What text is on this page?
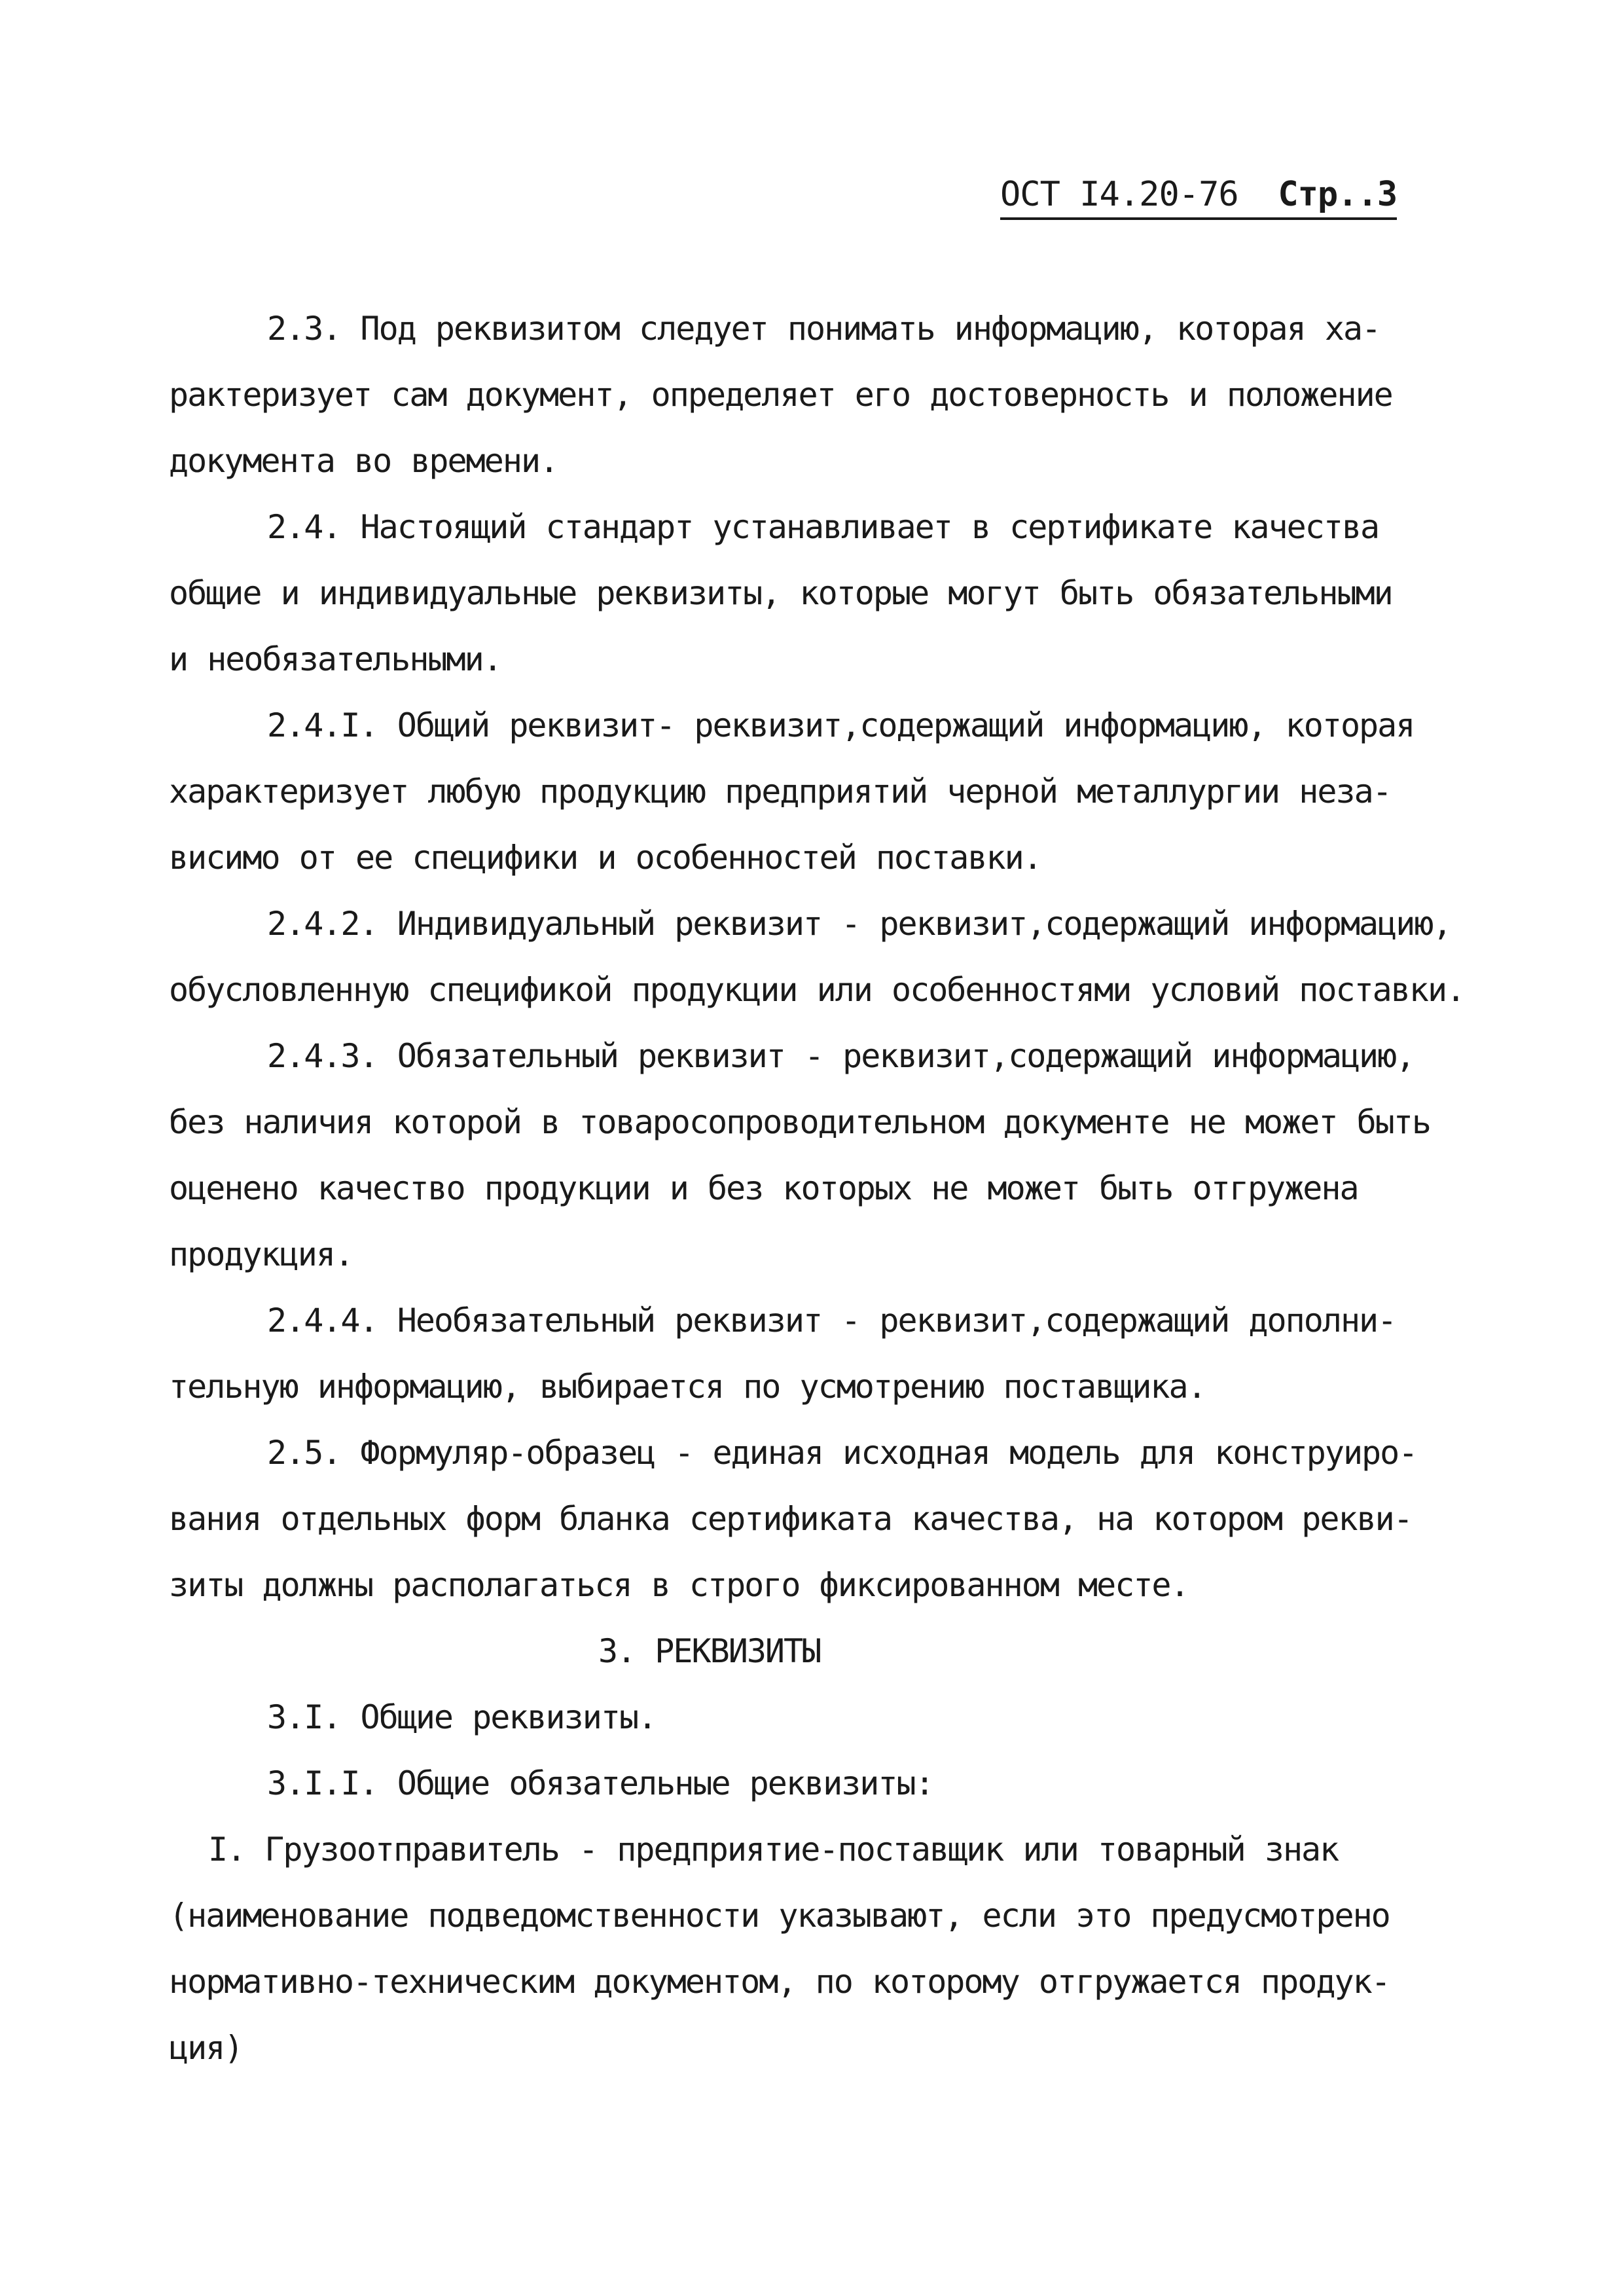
ОСТ I4.20-76 Стр..3
2.3. Под реквизитом следует понимать информацию, которая ха-
рактеризует сам документ, определяет его достоверность и положение
документа во времени.
2.4. Настоящий стандарт устанавливает в сертификате качества
общие и индивидуальные реквизиты, которые могут быть обязательными
и необязательными.
2.4.I. Общий реквизит- реквизит,содержащий информацию, которая
характеризует любую продукцию предприятий черной металлургии неза-
висимо от ее специфики и особенностей поставки.
2.4.2. Индивидуальный реквизит - реквизит,содержащий информацию,
обусловленную спецификой продукции или особенностями условий поставки.
2.4.3. Обязательный реквизит - реквизит,содержащий информацию,
без наличия которой в товаросопроводительном документе не может быть
оценено качество продукции и без которых не может быть отгружена
продукция.
2.4.4. Необязательный реквизит - реквизит,содержащий дополни-
тельную информацию, выбирается по усмотрению поставщика.
2.5. Формуляр-образец - единая исходная модель для конструиро-
вания отдельных форм бланка сертификата качества, на котором рекви-
зиты должны располагаться в строго фиксированном месте.
3. РЕКВИЗИТЫ
3.I. Общие реквизиты.
3.I.I. Общие обязательные реквизиты:
I. Грузоотправитель - предприятие-поставщик или товарный знак
(наименование подведомственности указывают, если это предусмотрено
нормативно-техническим документом, по которому отгружается продук-
ция)
